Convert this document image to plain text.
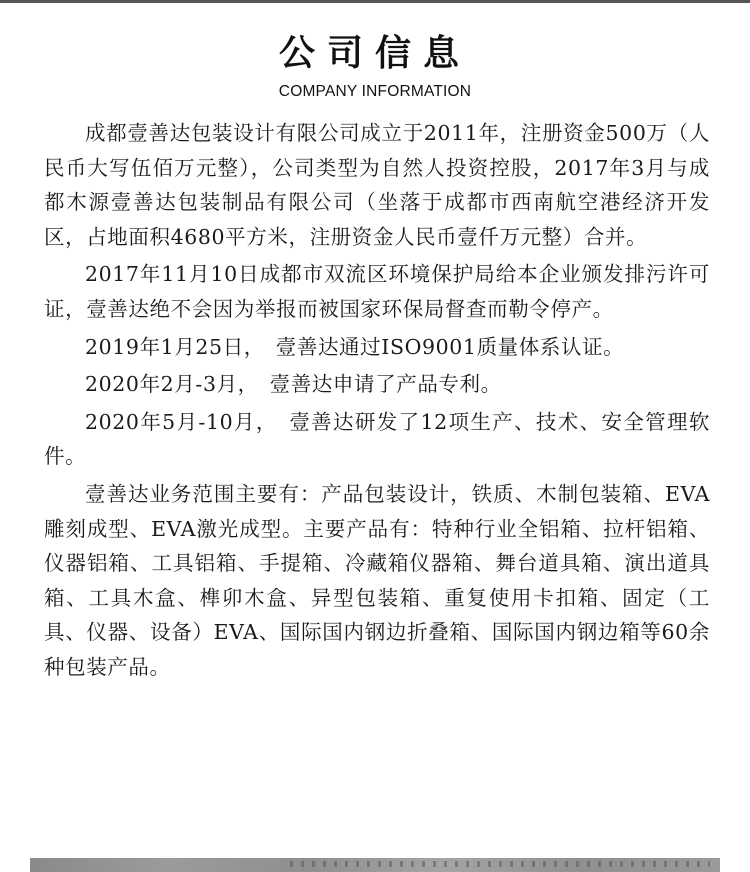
公司信息
COMPANY INFORMATION

成都壹善达包装设计有限公司成立于2011年，注册资金500万（人民币大写伍佰万元整），公司类型为自然人投资控股，2017年3月与成都木源壹善达包装制品有限公司（坐落于成都市西南航空港经济开发区，占地面积4680平方米，注册资金人民币壹仟万元整）合并。

2017年11月10日成都市双流区环境保护局给本企业颁发排污许可证，壹善达绝不会因为举报而被国家环保局督查而勒令停产。

2019年1月25日，　壹善达通过ISO9001质量体系认证。

2020年2月-3月，　壹善达申请了产品专利。

2020年5月-10月，　壹善达研发了12项生产、技术、安全管理软件。

壹善达业务范围主要有：产品包装设计，铁质、木制包装箱、EVA雕刻成型、EVA激光成型。主要产品有：特种行业全铝箱、拉杆铝箱、仪器铝箱、工具铝箱、手提箱、冷藏箱仪器箱、舞台道具箱、演出道具箱、工具木盒、榫卯木盒、异型包装箱、重复使用卡扣箱、固定（工具、仪器、设备）EVA、国际国内钢边折叠箱、国际国内钢边箱等60余种包装产品。
